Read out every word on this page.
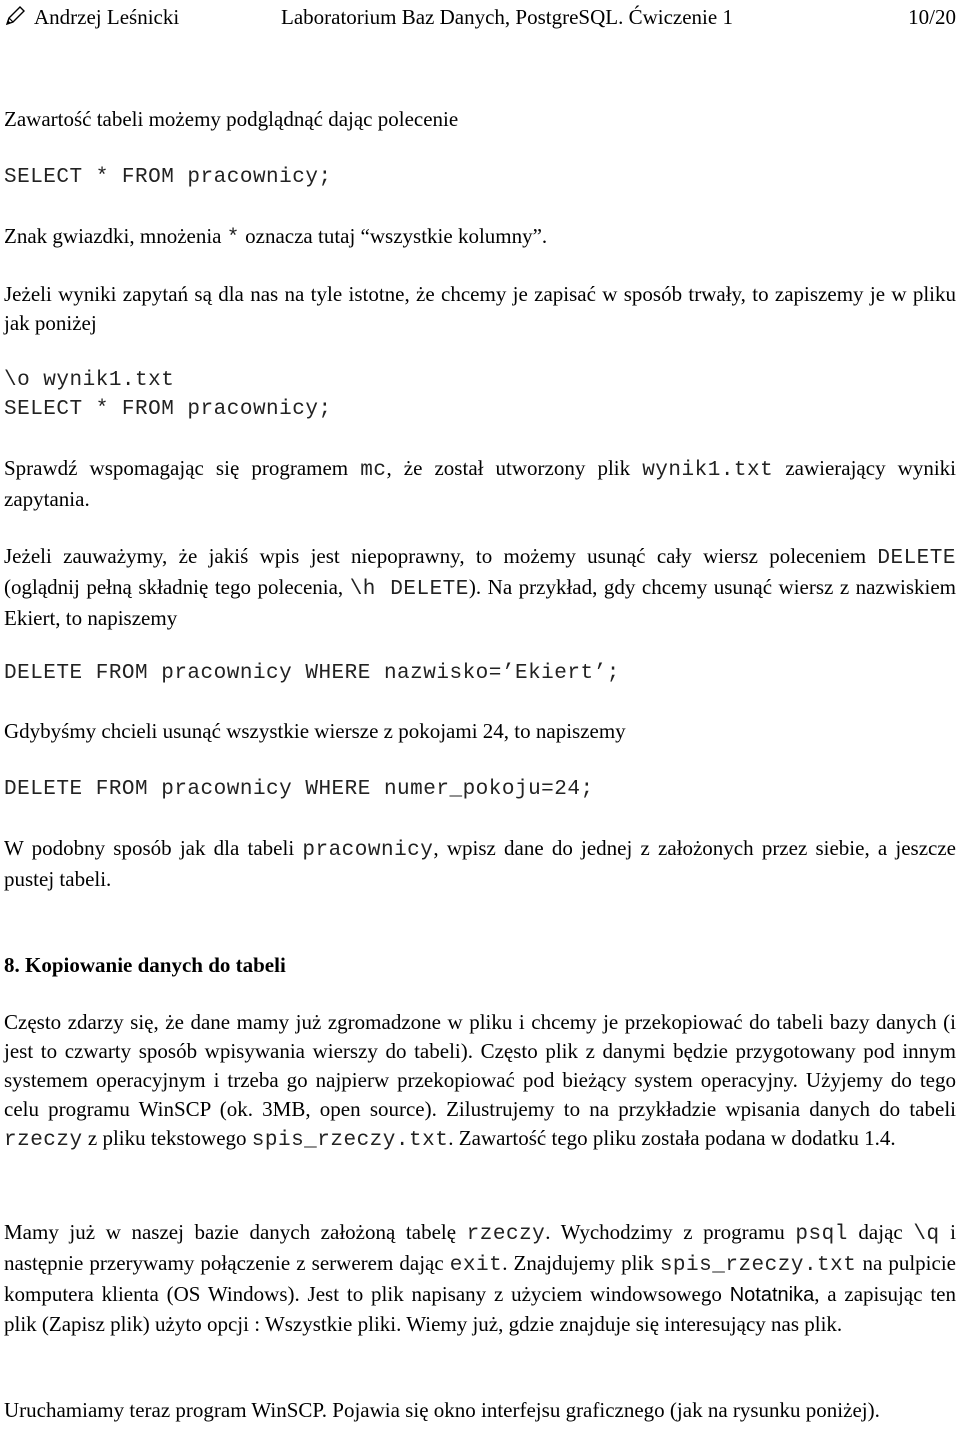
Andrzej Leśnicki	Laboratorium Baz Danych, PostgreSQL. Ćwiczenie 1	10/20

Zawartość tabeli możemy podglądnąć dając polecenie

SELECT * FROM pracownicy;

Znak gwiazdki, mnożenia * oznacza tutaj “wszystkie kolumny”.

Jeżeli wyniki zapytań są dla nas na tyle istotne, że chcemy je zapisać w sposób trwały, to zapiszemy je w pliku jak poniżej

\o wynik1.txt
SELECT * FROM pracownicy;

Sprawdź wspomagając się programem mc, że został utworzony plik wynik1.txt zawierający wyniki zapytania.

Jeżeli zauważymy, że jakiś wpis jest niepoprawny, to możemy usunąć cały wiersz poleceniem DELETE (oglądnij pełną składnię tego polecenia, \h DELETE). Na przykład, gdy chcemy usunąć wiersz z nazwiskiem Ekiert, to napiszemy

DELETE FROM pracownicy WHERE nazwisko=’Ekiert’;

Gdybyśmy chcieli usunąć wszystkie wiersze z pokojami 24, to napiszemy

DELETE FROM pracownicy WHERE numer_pokoju=24;

W podobny sposób jak dla tabeli pracownicy, wpisz dane do jednej z założonych przez siebie, a jeszcze pustej tabeli.

8. Kopiowanie danych do tabeli

Często zdarzy się, że dane mamy już zgromadzone w pliku i chcemy je przekopiować do tabeli bazy danych (i jest to czwarty sposób wpisywania wierszy do tabeli). Często plik z danymi będzie przygotowany pod innym systemem operacyjnym i trzeba go najpierw przekopiować pod bieżący system operacyjny. Użyjemy do tego celu programu WinSCP (ok. 3MB, open source). Zilustrujemy to na przykładzie wpisania danych do tabeli rzeczy z pliku tekstowego spis_rzeczy.txt. Zawartość tego pliku została podana w dodatku 1.4.

Mamy już w naszej bazie danych założoną tabelę rzeczy. Wychodzimy z programu psql dając \q i następnie przerywamy połączenie z serwerem dając exit. Znajdujemy plik spis_rzeczy.txt na pulpicie komputera klienta (OS Windows). Jest to plik napisany z użyciem windowsowego Notatnika, a zapisując ten plik (Zapisz plik) użyto opcji : Wszystkie pliki. Wiemy już, gdzie znajduje się interesujący nas plik.

Uruchamiamy teraz program WinSCP. Pojawia się okno interfejsu graficznego (jak na rysunku poniżej).
